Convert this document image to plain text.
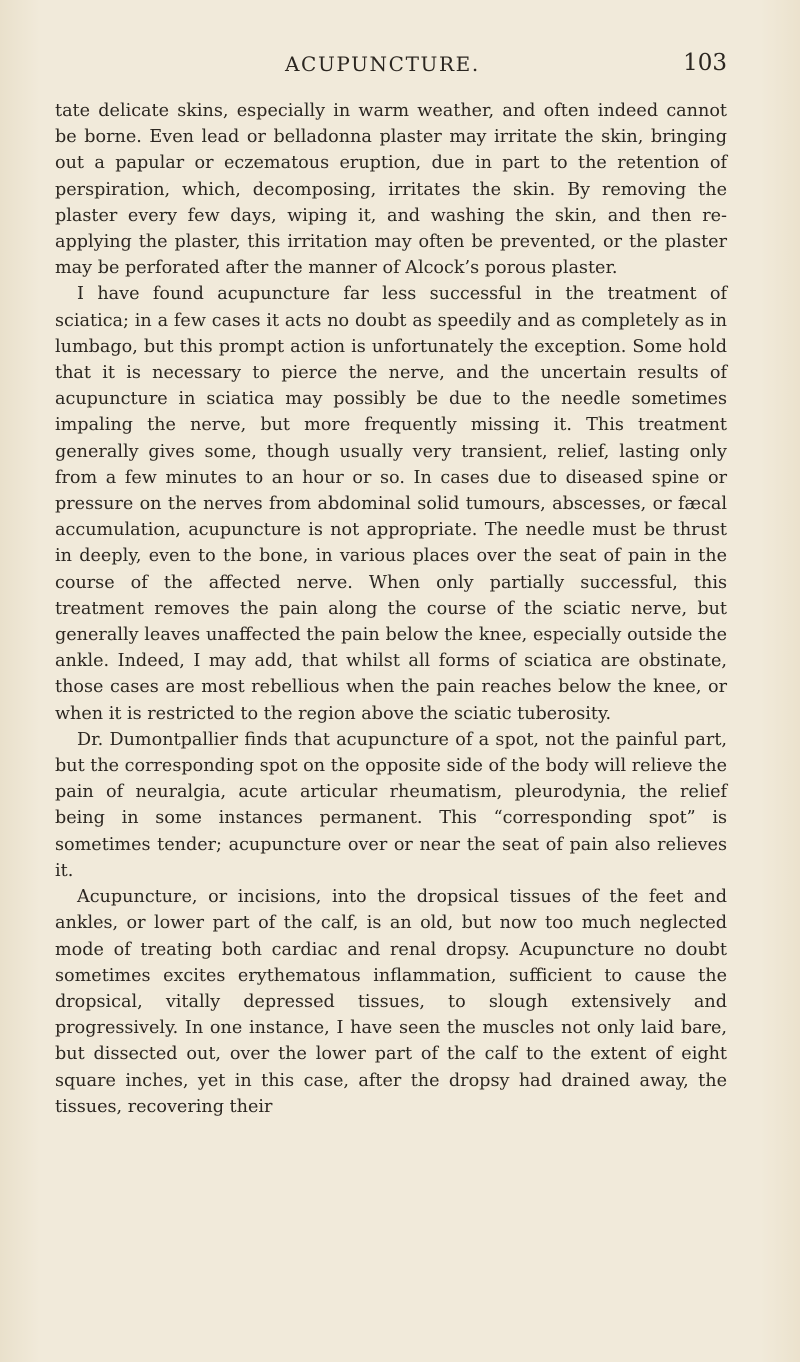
ACUPUNCTURE.	103

tate delicate skins, especially in warm weather, and often indeed cannot be borne. Even lead or belladonna plaster may irritate the skin, bringing out a papular or eczematous eruption, due in part to the retention of perspiration, which, decomposing, irritates the skin. By removing the plaster every few days, wiping it, and washing the skin, and then re-applying the plaster, this irritation may often be prevented, or the plaster may be perforated after the manner of Alcock’s porous plaster.

I have found acupuncture far less successful in the treatment of sciatica; in a few cases it acts no doubt as speedily and as completely as in lumbago, but this prompt action is unfortunately the exception. Some hold that it is necessary to pierce the nerve, and the uncertain results of acupuncture in sciatica may possibly be due to the needle sometimes impaling the nerve, but more frequently missing it. This treatment generally gives some, though usually very transient, relief, lasting only from a few minutes to an hour or so. In cases due to diseased spine or pressure on the nerves from abdominal solid tumours, abscesses, or fæcal accumulation, acupuncture is not appropriate. The needle must be thrust in deeply, even to the bone, in various places over the seat of pain in the course of the affected nerve. When only partially successful, this treatment removes the pain along the course of the sciatic nerve, but generally leaves unaffected the pain below the knee, especially outside the ankle. Indeed, I may add, that whilst all forms of sciatica are obstinate, those cases are most rebellious when the pain reaches below the knee, or when it is restricted to the region above the sciatic tuberosity.

Dr. Dumontpallier finds that acupuncture of a spot, not the painful part, but the corresponding spot on the opposite side of the body will relieve the pain of neuralgia, acute articular rheumatism, pleurodynia, the relief being in some instances permanent. This “corresponding spot” is sometimes tender; acupuncture over or near the seat of pain also relieves it.

Acupuncture, or incisions, into the dropsical tissues of the feet and ankles, or lower part of the calf, is an old, but now too much neglected mode of treating both cardiac and renal dropsy. Acupuncture no doubt sometimes excites erythematous inflammation, sufficient to cause the dropsical, vitally depressed tissues, to slough extensively and progressively. In one instance, I have seen the muscles not only laid bare, but dissected out, over the lower part of the calf to the extent of eight square inches, yet in this case, after the dropsy had drained away, the tissues, recovering their
